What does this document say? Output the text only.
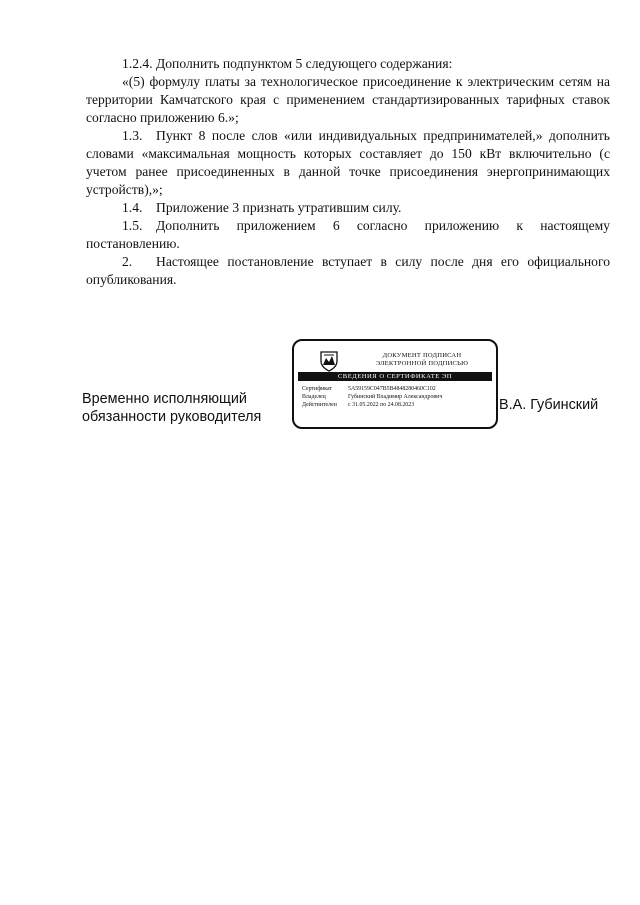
1.2.4. Дополнить подпунктом 5 следующего содержания:

«(5) формулу платы за технологическое присоединение к электрическим сетям на территории Камчатского края с применением стандартизированных тарифных ставок согласно приложению 6.»;

1.3. Пункт 8 после слов «или индивидуальных предпринимателей,» дополнить словами «максимальная мощность которых составляет до 150 кВт включительно (с учетом ранее присоединенных в данной точке присоединения энергопринимающих устройств),»;

1.4. Приложение 3 признать утратившим силу.

1.5. Дополнить приложением 6 согласно приложению к настоящему постановлению.

2. Настоящее постановление вступает в силу после дня его официального опубликования.

Временно исполняющий
обязанности руководителя
ДОКУМЕНТ ПОДПИСАН
ЭЛЕКТРОННОЙ ПОДПИСЬЮ
СВЕДЕНИЯ О СЕРТИФИКАТЕ ЭП
Сертификат	5A59159C047B5B4848280460C102
Владелец	Губинский Владимир Александрович
Действителен	с 31.05.2022 по 24.08.2023	В.А. Губинский
